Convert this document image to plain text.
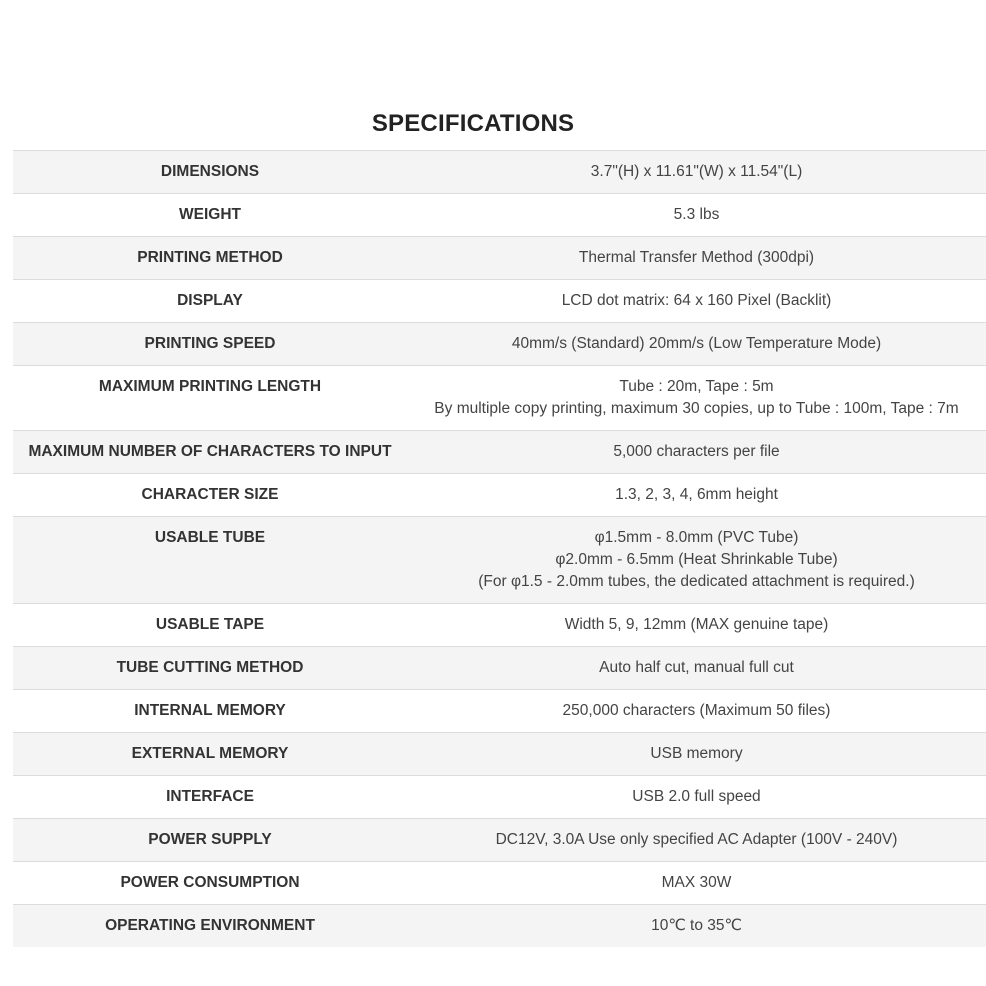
SPECIFICATIONS
DIMENSIONS	3.7"(H) x 11.61"(W) x 11.54"(L)

WEIGHT	5.3 lbs

PRINTING METHOD	Thermal Transfer Method (300dpi)

DISPLAY	LCD dot matrix: 64 x 160 Pixel (Backlit)

PRINTING SPEED	40mm/s (Standard) 20mm/s (Low Temperature Mode)

MAXIMUM PRINTING LENGTH	Tube : 20m, Tape : 5m
By multiple copy printing, maximum 30 copies, up to Tube : 100m, Tape : 7m

MAXIMUM NUMBER OF CHARACTERS TO INPUT	5,000 characters per file

CHARACTER SIZE	1.3, 2, 3, 4, 6mm height

USABLE TUBE	φ1.5mm - 8.0mm (PVC Tube)
φ2.0mm - 6.5mm (Heat Shrinkable Tube)
(For φ1.5 - 2.0mm tubes, the dedicated attachment is required.)

USABLE TAPE	Width 5, 9, 12mm (MAX genuine tape)

TUBE CUTTING METHOD	Auto half cut, manual full cut

INTERNAL MEMORY	250,000 characters (Maximum 50 files)

EXTERNAL MEMORY	USB memory

INTERFACE	USB 2.0 full speed

POWER SUPPLY	DC12V, 3.0A Use only specified AC Adapter (100V - 240V)

POWER CONSUMPTION	MAX 30W

OPERATING ENVIRONMENT	10℃ to 35℃
